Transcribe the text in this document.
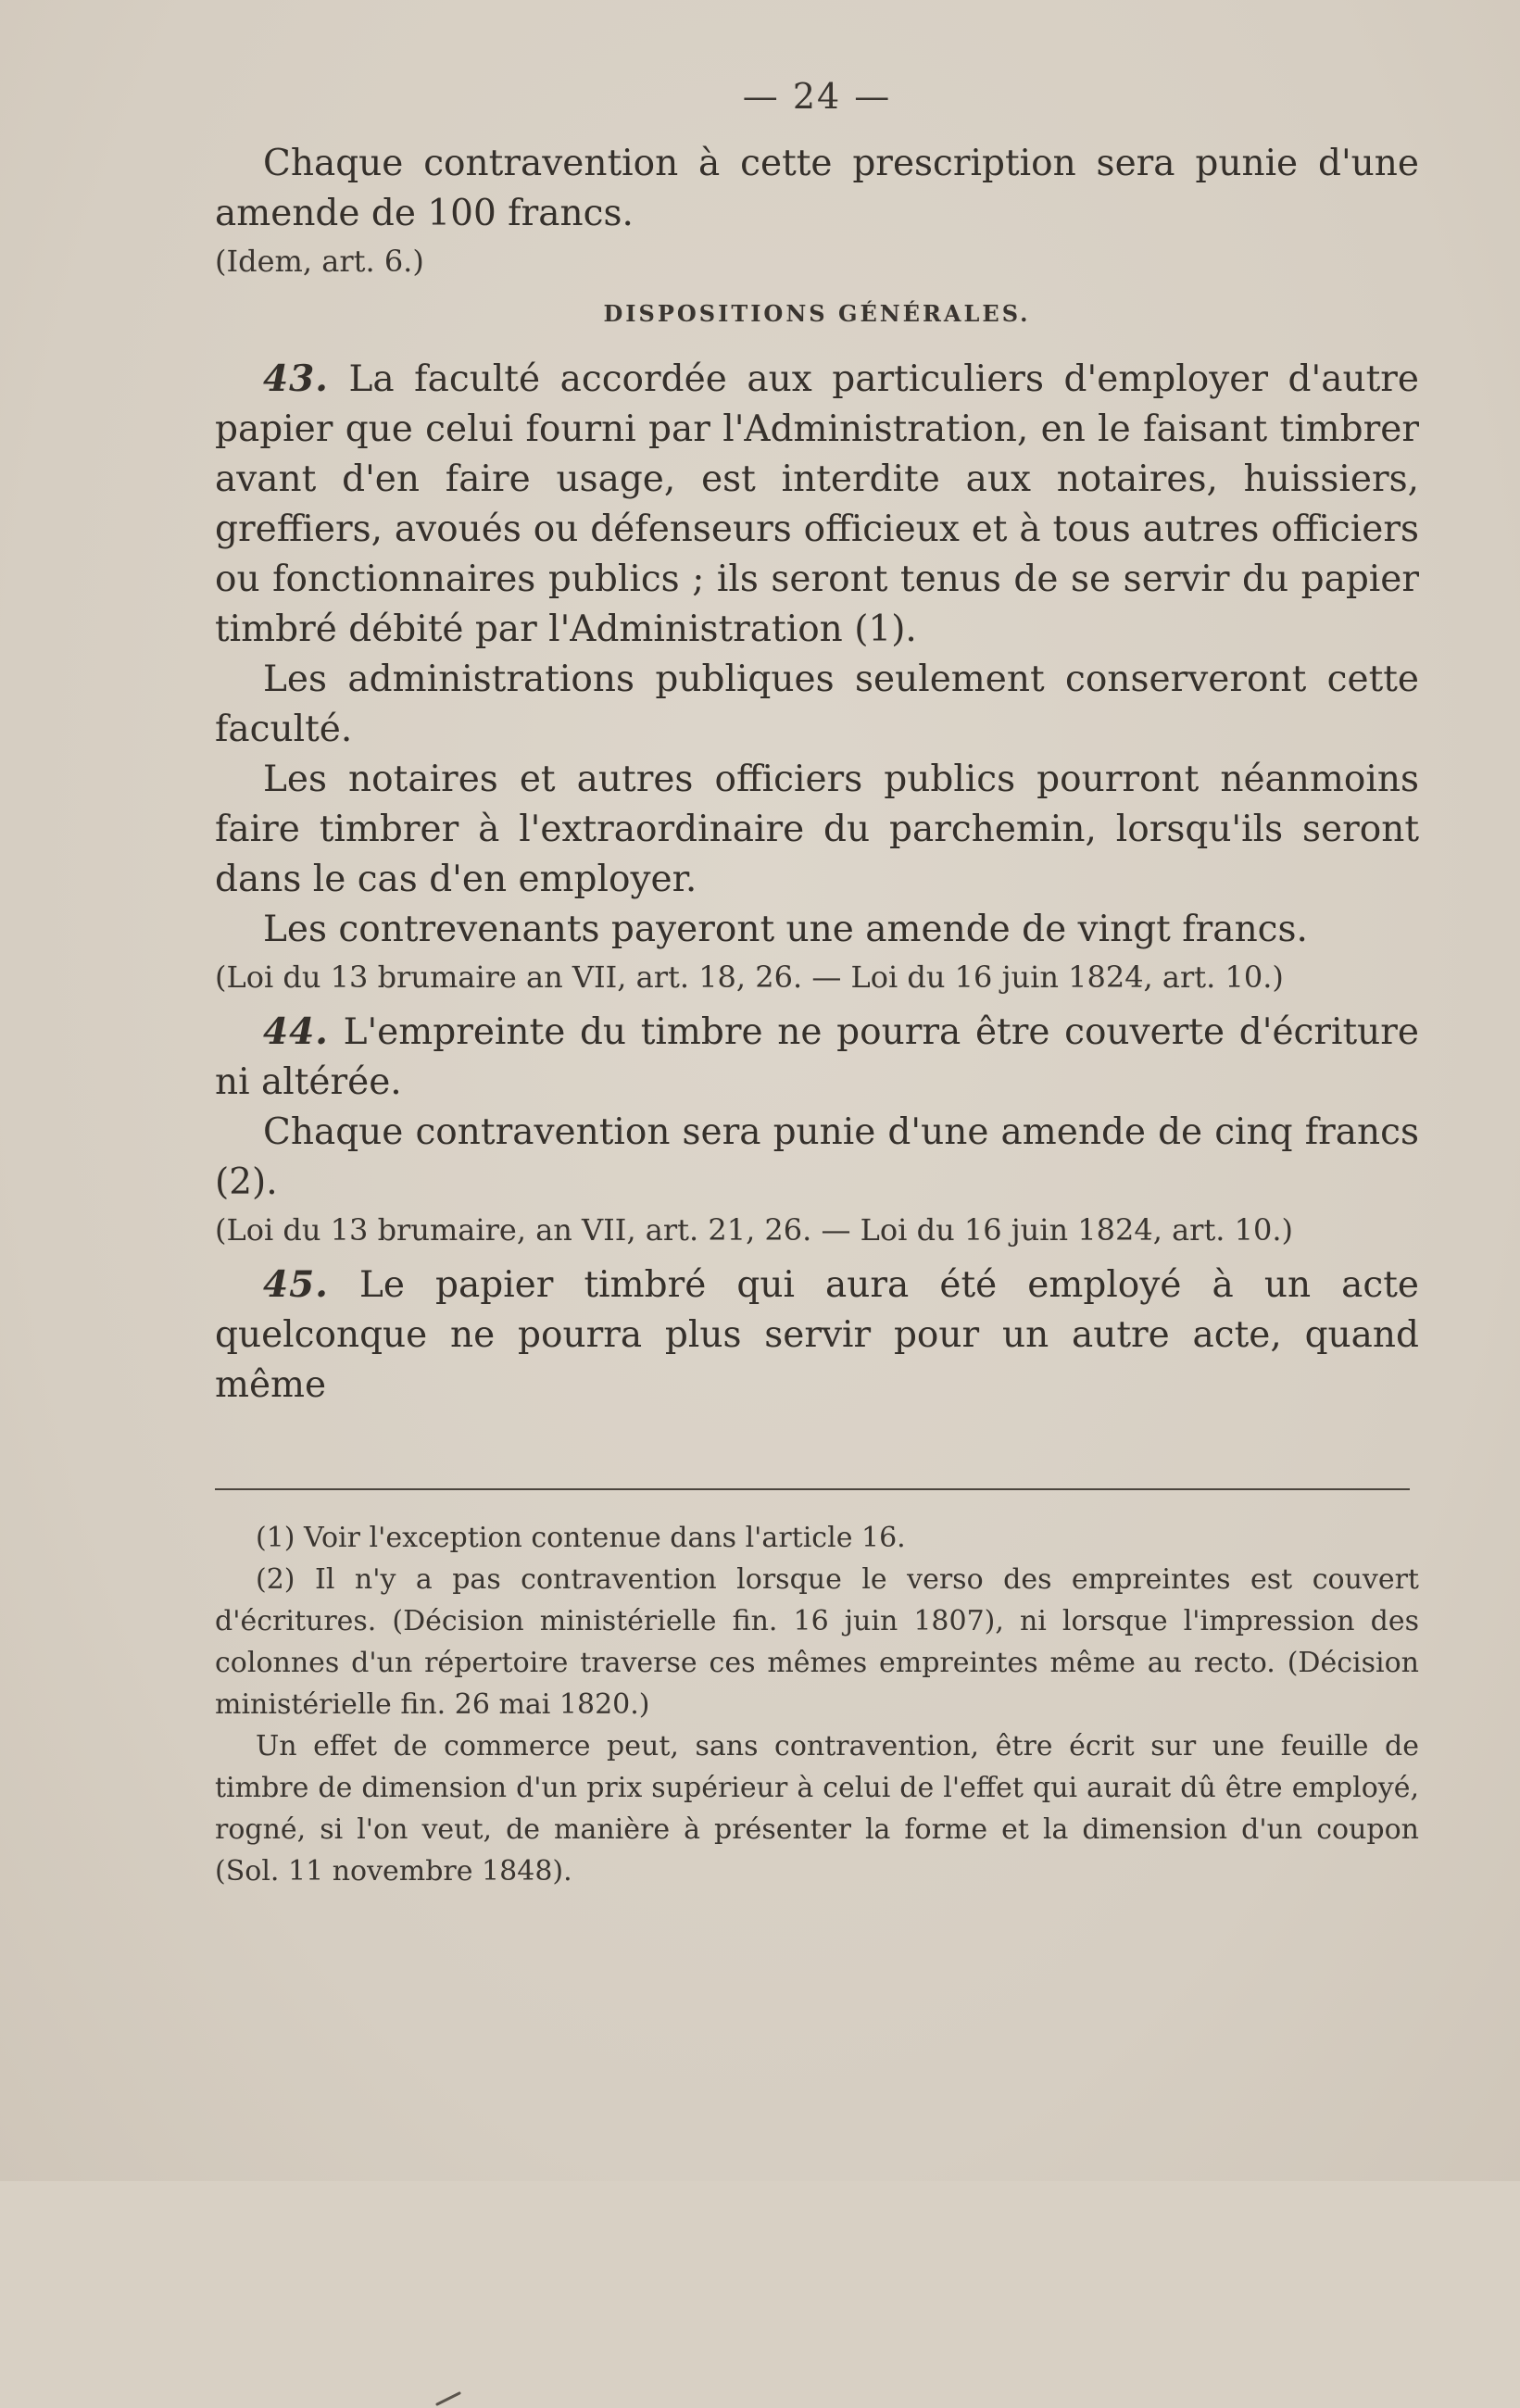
— 24 —

Chaque contravention à cette prescription sera punie d'une amende de 100 francs.

(Idem, art. 6.)

DISPOSITIONS GÉNÉRALES.

43. La faculté accordée aux particuliers d'employer d'autre papier que celui fourni par l'Administration, en le faisant timbrer avant d'en faire usage, est interdite aux notaires, huissiers, greffiers, avoués ou défenseurs officieux et à tous autres officiers ou fonctionnaires publics ; ils seront tenus de se servir du papier timbré débité par l'Administration (1).

Les administrations publiques seulement conserveront cette faculté.

Les notaires et autres officiers publics pourront néanmoins faire timbrer à l'extraordinaire du parchemin, lorsqu'ils seront dans le cas d'en employer.

Les contrevenants payeront une amende de vingt francs.

(Loi du 13 brumaire an VII, art. 18, 26. — Loi du 16 juin 1824, art. 10.)

44. L'empreinte du timbre ne pourra être couverte d'écriture ni altérée.

Chaque contravention sera punie d'une amende de cinq francs (2).

(Loi du 13 brumaire, an VII, art. 21, 26. — Loi du 16 juin 1824, art. 10.)

45. Le papier timbré qui aura été employé à un acte quelconque ne pourra plus servir pour un autre acte, quand même

(1) Voir l'exception contenue dans l'article 16.

(2) Il n'y a pas contravention lorsque le verso des empreintes est couvert d'écritures. (Décision ministérielle fin. 16 juin 1807), ni lorsque l'impression des colonnes d'un répertoire traverse ces mêmes empreintes même au recto. (Décision ministérielle fin. 26 mai 1820.)

Un effet de commerce peut, sans contravention, être écrit sur une feuille de timbre de dimension d'un prix supérieur à celui de l'effet qui aurait dû être employé, rogné, si l'on veut, de manière à présenter la forme et la dimension d'un coupon (Sol. 11 novembre 1848).
